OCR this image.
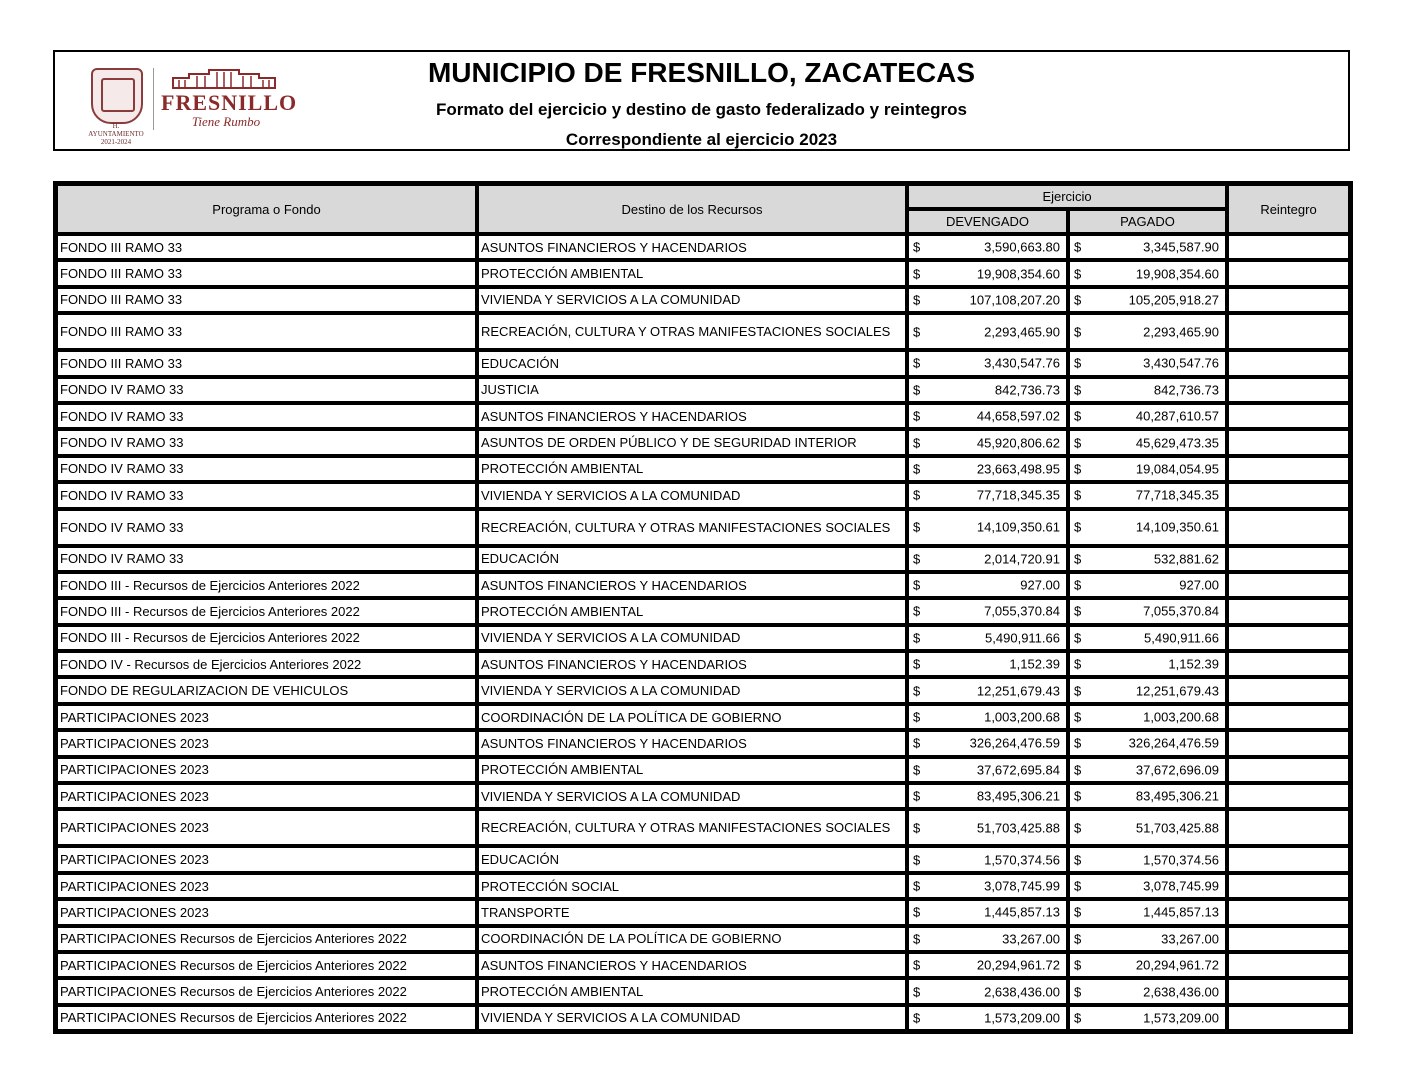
H. AYUNTAMIENTO 2021-2024
FRESNILLO
Tiene Rumbo
MUNICIPIO DE FRESNILLO, ZACATECAS
Formato del ejercicio y destino de gasto federalizado y reintegros
Correspondiente al ejercicio 2023
Programa o Fondo	Destino de los Recursos	Ejercicio		Reintegro
		DEVENGADO	PAGADO	
FONDO III RAMO 33	ASUNTOS FINANCIEROS Y HACENDARIOS	$ 3,590,663.80	$ 3,345,587.90	

FONDO III RAMO 33	PROTECCIÓN AMBIENTAL	$ 19,908,354.60	$ 19,908,354.60	

FONDO III RAMO 33	VIVIENDA Y SERVICIOS A LA COMUNIDAD	$ 107,108,207.20	$ 105,205,918.27	

FONDO III RAMO 33	RECREACIÓN, CULTURA Y OTRAS MANIFESTACIONES SOCIALES	$ 2,293,465.90	$ 2,293,465.90	

FONDO III RAMO 33	EDUCACIÓN	$ 3,430,547.76	$ 3,430,547.76	

FONDO IV RAMO 33	JUSTICIA	$ 842,736.73	$ 842,736.73	

FONDO IV RAMO 33	ASUNTOS FINANCIEROS Y HACENDARIOS	$ 44,658,597.02	$ 40,287,610.57	

FONDO IV RAMO 33	ASUNTOS DE ORDEN PÚBLICO Y DE SEGURIDAD INTERIOR	$ 45,920,806.62	$ 45,629,473.35	

FONDO IV RAMO 33	PROTECCIÓN AMBIENTAL	$ 23,663,498.95	$ 19,084,054.95	

FONDO IV RAMO 33	VIVIENDA Y SERVICIOS A LA COMUNIDAD	$ 77,718,345.35	$ 77,718,345.35	

FONDO IV RAMO 33	RECREACIÓN, CULTURA Y OTRAS MANIFESTACIONES SOCIALES	$ 14,109,350.61	$ 14,109,350.61	

FONDO IV RAMO 33	EDUCACIÓN	$ 2,014,720.91	$ 532,881.62	

FONDO III - Recursos de Ejercicios Anteriores 2022	ASUNTOS FINANCIEROS Y HACENDARIOS	$ 927.00	$ 927.00	

FONDO III - Recursos de Ejercicios Anteriores 2022	PROTECCIÓN AMBIENTAL	$ 7,055,370.84	$ 7,055,370.84	

FONDO III - Recursos de Ejercicios Anteriores 2022	VIVIENDA Y SERVICIOS A LA COMUNIDAD	$ 5,490,911.66	$ 5,490,911.66	

FONDO IV - Recursos de Ejercicios Anteriores 2022	ASUNTOS FINANCIEROS Y HACENDARIOS	$ 1,152.39	$ 1,152.39	

FONDO DE REGULARIZACION DE VEHICULOS	VIVIENDA Y SERVICIOS A LA COMUNIDAD	$ 12,251,679.43	$ 12,251,679.43	

PARTICIPACIONES 2023	COORDINACIÓN DE LA POLÍTICA DE GOBIERNO	$ 1,003,200.68	$ 1,003,200.68	

PARTICIPACIONES 2023	ASUNTOS FINANCIEROS Y HACENDARIOS	$ 326,264,476.59	$ 326,264,476.59	

PARTICIPACIONES 2023	PROTECCIÓN AMBIENTAL	$ 37,672,695.84	$ 37,672,696.09	

PARTICIPACIONES 2023	VIVIENDA Y SERVICIOS A LA COMUNIDAD	$ 83,495,306.21	$ 83,495,306.21	

PARTICIPACIONES 2023	RECREACIÓN, CULTURA Y OTRAS MANIFESTACIONES SOCIALES	$ 51,703,425.88	$ 51,703,425.88	

PARTICIPACIONES 2023	EDUCACIÓN	$ 1,570,374.56	$ 1,570,374.56	

PARTICIPACIONES 2023	PROTECCIÓN SOCIAL	$ 3,078,745.99	$ 3,078,745.99	

PARTICIPACIONES 2023	TRANSPORTE	$ 1,445,857.13	$ 1,445,857.13	

PARTICIPACIONES Recursos de Ejercicios Anteriores 2022	COORDINACIÓN DE LA POLÍTICA DE GOBIERNO	$ 33,267.00	$ 33,267.00	

PARTICIPACIONES Recursos de Ejercicios Anteriores 2022	ASUNTOS FINANCIEROS Y HACENDARIOS	$ 20,294,961.72	$ 20,294,961.72	

PARTICIPACIONES Recursos de Ejercicios Anteriores 2022	PROTECCIÓN AMBIENTAL	$ 2,638,436.00	$ 2,638,436.00	

PARTICIPACIONES Recursos de Ejercicios Anteriores 2022	VIVIENDA Y SERVICIOS A LA COMUNIDAD	$ 1,573,209.00	$ 1,573,209.00	
